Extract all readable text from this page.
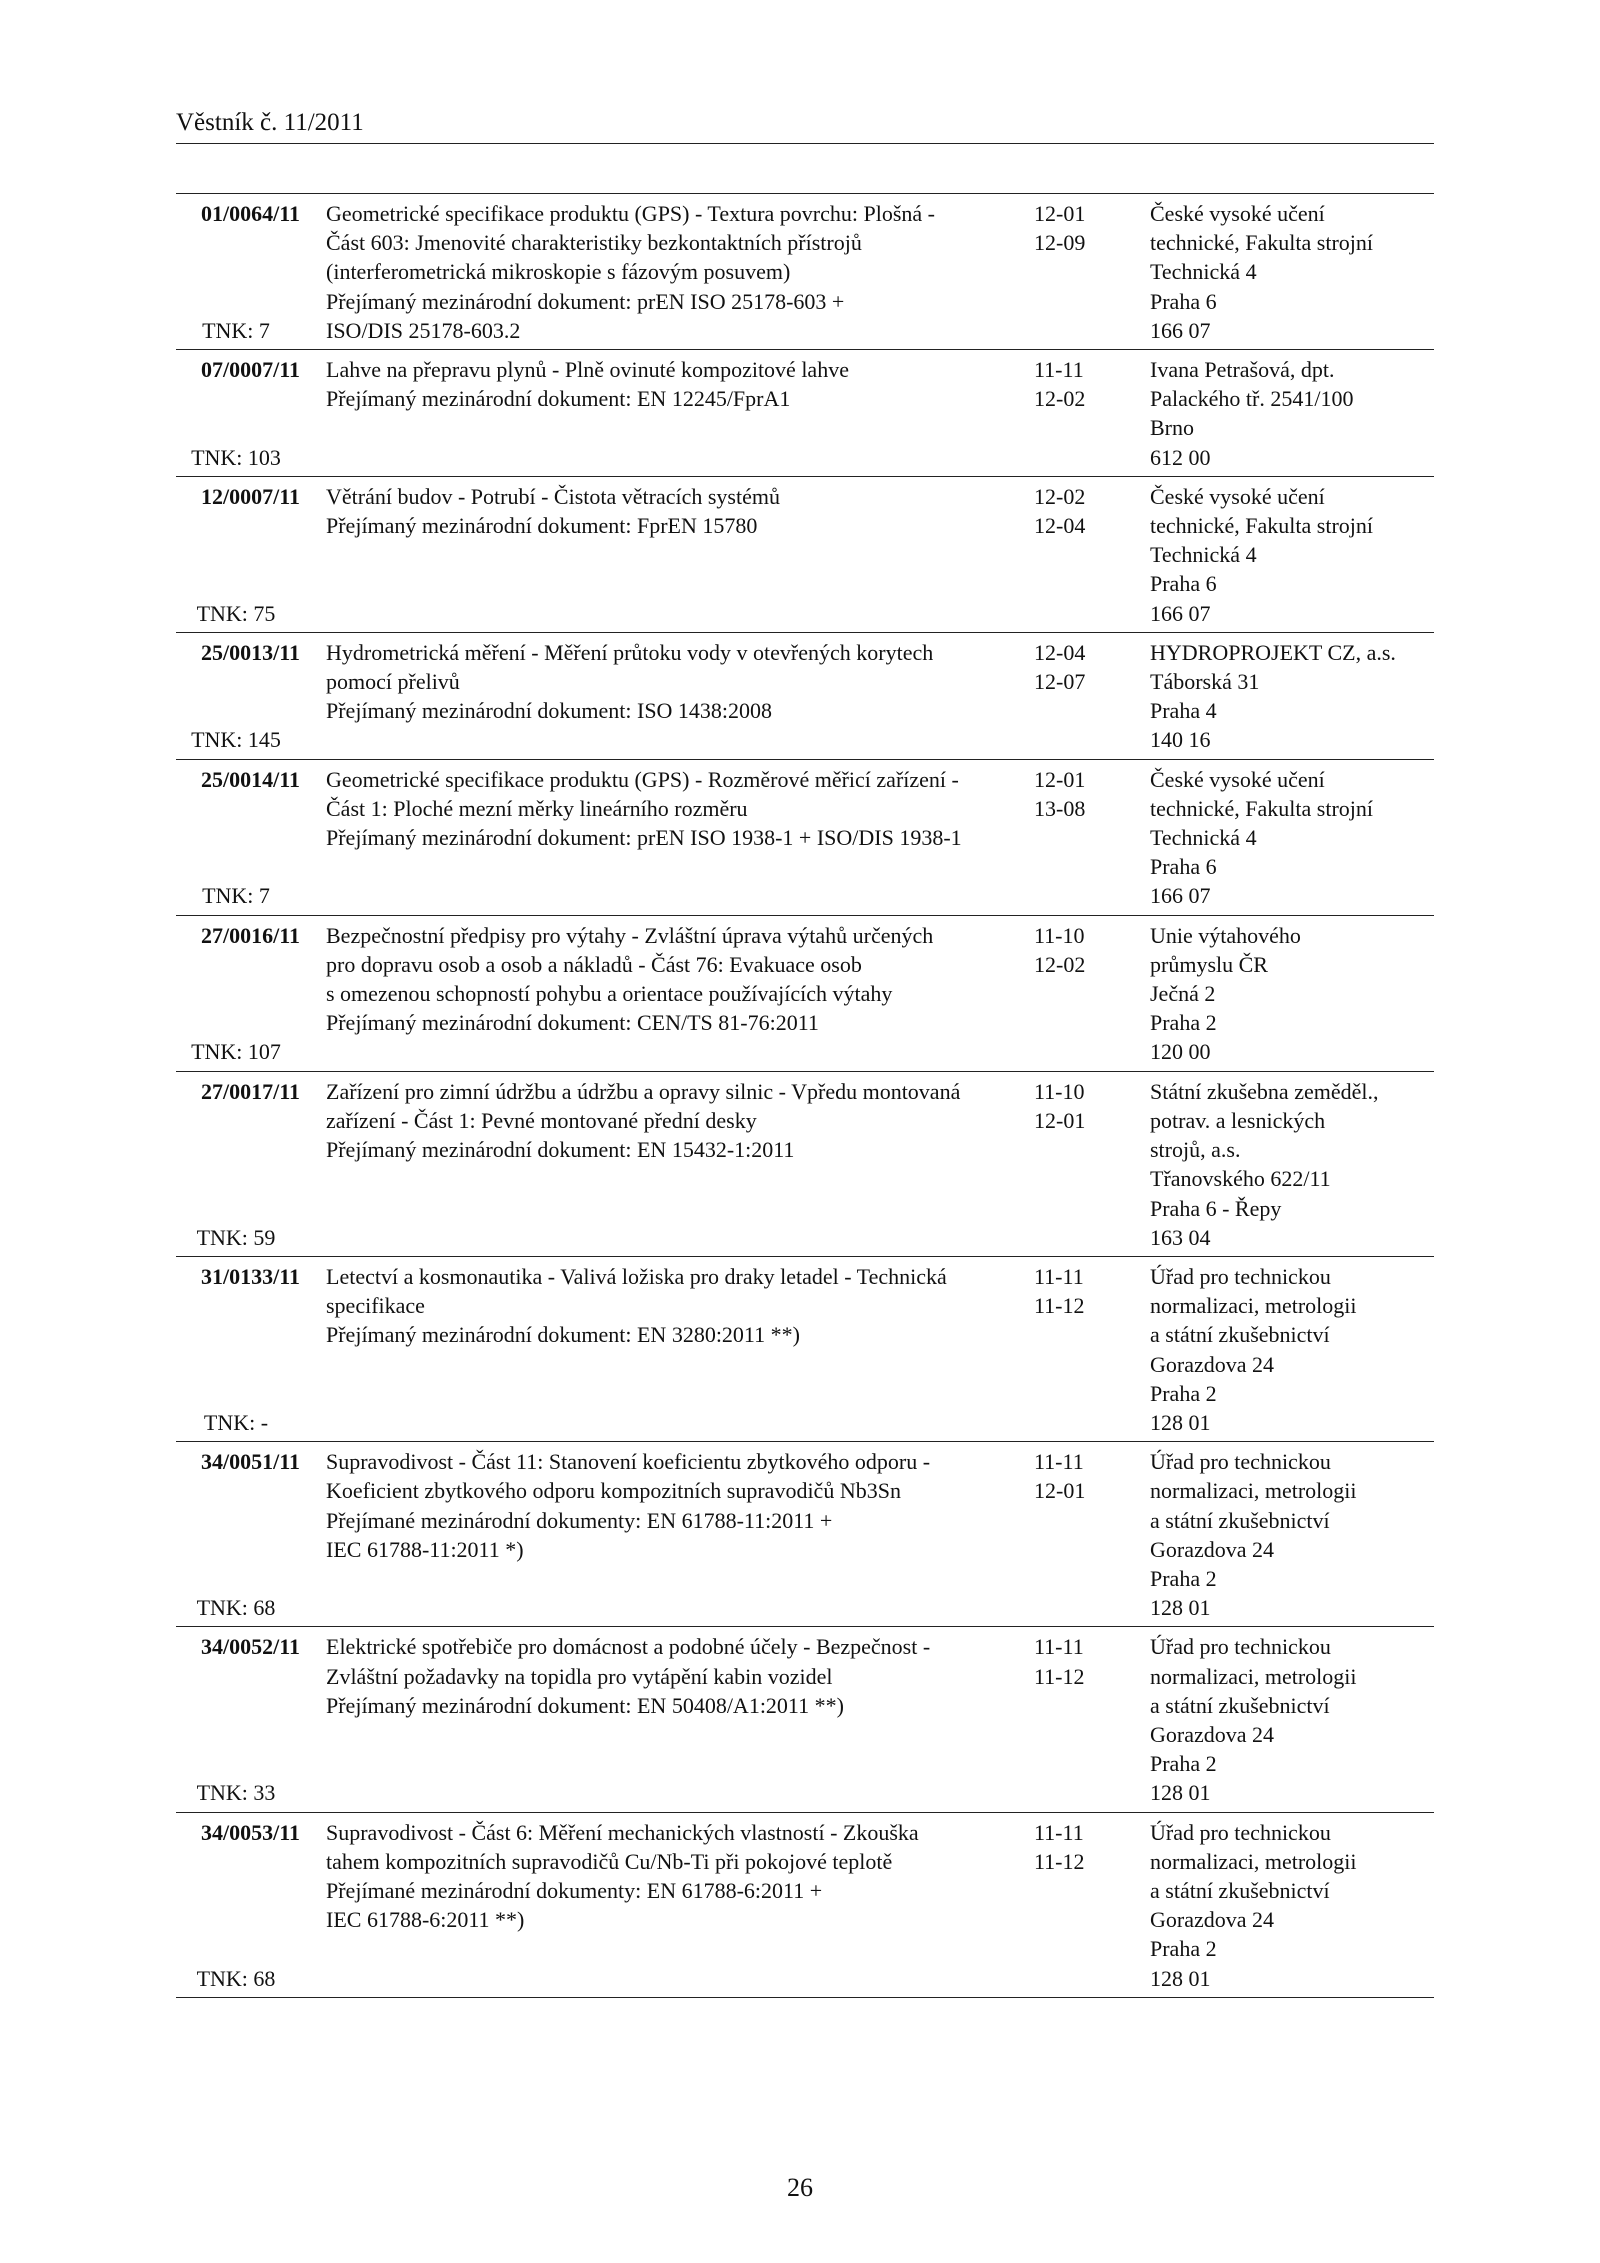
Věstník č. 11/2011
01/0064/11
TNK: 7
Geometrické specifikace produktu (GPS) - Textura povrchu: Plošná -
Část 603: Jmenovité charakteristiky bezkontaktních přístrojů
(interferometrická mikroskopie s fázovým posuvem)
Přejímaný mezinárodní dokument: prEN ISO 25178-603 +
ISO/DIS 25178-603.2
12-01
12-09
České vysoké učení
technické, Fakulta strojní
Technická 4
Praha 6
166 07
07/0007/11
TNK: 103
Lahve na přepravu plynů - Plně ovinuté kompozitové lahve
Přejímaný mezinárodní dokument: EN 12245/FprA1
11-11
12-02
Ivana Petrašová, dpt.
Palackého tř. 2541/100
Brno
612 00
12/0007/11
TNK: 75
Větrání budov - Potrubí - Čistota větracích systémů
Přejímaný mezinárodní dokument: FprEN 15780
12-02
12-04
České vysoké učení
technické, Fakulta strojní
Technická 4
Praha 6
166 07
25/0013/11
TNK: 145
Hydrometrická měření - Měření průtoku vody v otevřených korytech
pomocí přelivů
Přejímaný mezinárodní dokument: ISO 1438:2008
12-04
12-07
HYDROPROJEKT CZ, a.s.
Táborská 31
Praha 4
140 16
25/0014/11
TNK: 7
Geometrické specifikace produktu (GPS) - Rozměrové měřicí zařízení -
Část 1: Ploché mezní měrky lineárního rozměru
Přejímaný mezinárodní dokument: prEN ISO 1938-1 + ISO/DIS 1938-1
12-01
13-08
České vysoké učení
technické, Fakulta strojní
Technická 4
Praha 6
166 07
27/0016/11
TNK: 107
Bezpečnostní předpisy pro výtahy - Zvláštní úprava výtahů určených
pro dopravu osob a osob a nákladů - Část 76: Evakuace osob
s omezenou schopností pohybu a orientace používajících výtahy
Přejímaný mezinárodní dokument: CEN/TS 81-76:2011
11-10
12-02
Unie výtahového
průmyslu ČR
Ječná 2
Praha 2
120 00
27/0017/11
TNK: 59
Zařízení pro zimní údržbu a údržbu a opravy silnic - Vpředu montovaná
zařízení - Část 1: Pevné montované přední desky
Přejímaný mezinárodní dokument: EN 15432-1:2011
11-10
12-01
Státní zkušebna zeměděl.,
potrav. a lesnických
strojů, a.s.
Třanovského 622/11
Praha 6 - Řepy
163 04
31/0133/11
TNK: -
Letectví a kosmonautika - Valivá ložiska pro draky letadel - Technická
specifikace
Přejímaný mezinárodní dokument: EN 3280:2011 **)
11-11
11-12
Úřad pro technickou
normalizaci, metrologii
a státní zkušebnictví
Gorazdova 24
Praha 2
128 01
34/0051/11
TNK: 68
Supravodivost - Část 11: Stanovení koeficientu zbytkového odporu -
Koeficient zbytkového odporu kompozitních supravodičů Nb3Sn
Přejímané mezinárodní dokumenty: EN 61788-11:2011 +
IEC 61788-11:2011 *)
11-11
12-01
Úřad pro technickou
normalizaci, metrologii
a státní zkušebnictví
Gorazdova 24
Praha 2
128 01
34/0052/11
TNK: 33
Elektrické spotřebiče pro domácnost a podobné účely - Bezpečnost -
Zvláštní požadavky na topidla pro vytápění kabin vozidel
Přejímaný mezinárodní dokument: EN 50408/A1:2011 **)
11-11
11-12
Úřad pro technickou
normalizaci, metrologii
a státní zkušebnictví
Gorazdova 24
Praha 2
128 01
34/0053/11
TNK: 68
Supravodivost - Část 6: Měření mechanických vlastností - Zkouška
tahem kompozitních supravodičů Cu/Nb-Ti při pokojové teplotě
Přejímané mezinárodní dokumenty: EN 61788-6:2011 +
IEC 61788-6:2011 **)
11-11
11-12
Úřad pro technickou
normalizaci, metrologii
a státní zkušebnictví
Gorazdova 24
Praha 2
128 01
26
